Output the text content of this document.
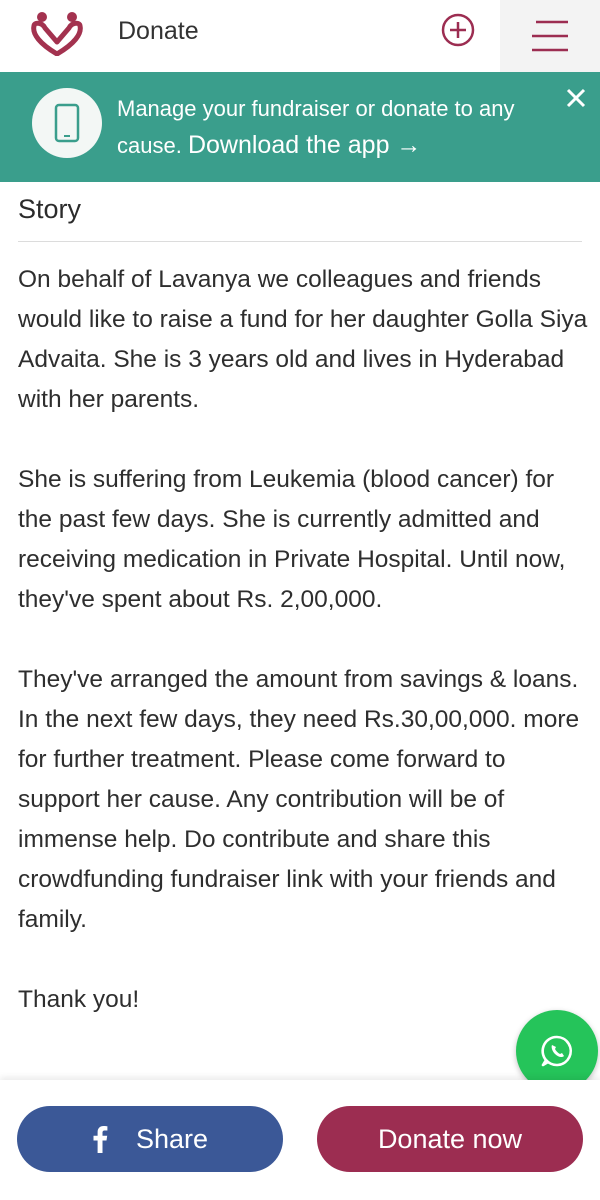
Donate
Manage your fundraiser or donate to any cause. Download the app →
Story

On behalf of Lavanya we colleagues and friends would like to raise a fund for her daughter Golla Siya Advaita. She is 3 years old and lives in Hyderabad with her parents.

She is suffering from Leukemia (blood cancer) for the past few days. She is currently admitted and receiving medication in Private Hospital. Until now, they've spent about Rs. 2,00,000.

They've arranged the amount from savings & loans. In the next few days, they need Rs.30,00,000. more for further treatment. Please come forward to support her cause. Any contribution will be of immense help. Do contribute and share this crowdfunding fundraiser link with your friends and family.

Thank you!

Share	Donate now
